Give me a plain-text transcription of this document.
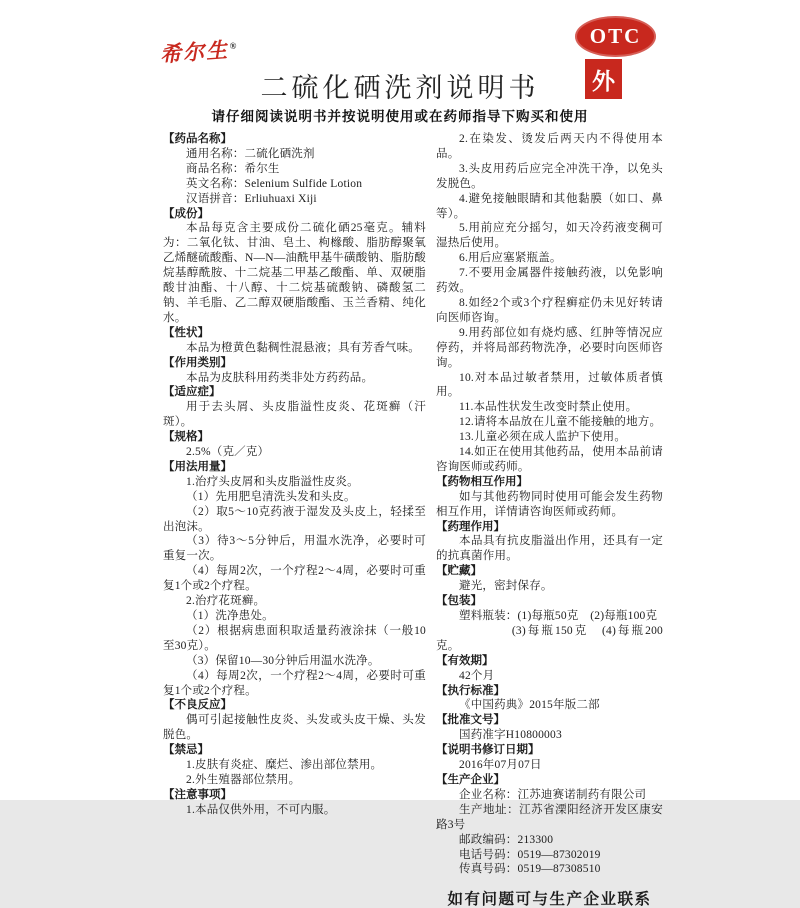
希尔生®
二硫化硒洗剂说明书
请仔细阅读说明书并按说明使用或在药师指导下购买和使用
OTC
外
【药品名称】
通用名称：二硫化硒洗剂
商品名称：希尔生
英文名称：Selenium Sulfide Lotion
汉语拼音：Erliuhuaxi Xiji
【成份】
本品每克含主要成份二硫化硒25毫克。辅料为：二氧化钛、甘油、皂土、枸橼酸、脂肪醇聚氧乙烯醚硫酸酯、N—N—油酰甲基牛磺酸钠、脂肪酸烷基醇酰胺、十二烷基二甲基乙酸酯、单、双硬脂酸甘油酯、十八醇、十二烷基硫酸钠、磷酸氢二钠、羊毛脂、乙二醇双硬脂酸酯、玉兰香精、纯化水。
【性状】
本品为橙黄色黏稠性混悬液；具有芳香气味。
【作用类别】
本品为皮肤科用药类非处方药药品。
【适应症】
用于去头屑、头皮脂溢性皮炎、花斑癣（汗斑）。
【规格】
2.5%（克／克）
【用法用量】
1.治疗头皮屑和头皮脂溢性皮炎。
（1）先用肥皂清洗头发和头皮。
（2）取5～10克药液于湿发及头皮上，轻揉至出泡沫。
（3）待3～5分钟后，用温水洗净，必要时可重复一次。
（4）每周2次，一个疗程2～4周，必要时可重复1个或2个疗程。
2.治疗花斑癣。
（1）洗净患处。
（2）根据病患面积取适量药液涂抹（一般10至30克）。
（3）保留10—30分钟后用温水洗净。
（4）每周2次，一个疗程2～4周，必要时可重复1个或2个疗程。
【不良反应】
偶可引起接触性皮炎、头发或头皮干燥、头发脱色。
【禁忌】
1.皮肤有炎症、糜烂、渗出部位禁用。
2.外生殖器部位禁用。
【注意事项】
1.本品仅供外用，不可内服。
2.在染发、烫发后两天内不得使用本品。
3.头皮用药后应完全冲洗干净，以免头发脱色。
4.避免接触眼睛和其他黏膜（如口、鼻等）。
5.用前应充分摇匀，如天冷药液变稠可湿热后使用。
6.用后应塞紧瓶盖。
7.不要用金属器件接触药液，以免影响药效。
8.如经2个或3个疗程癣症仍未见好转请向医师咨询。
9.用药部位如有烧灼感、红肿等情况应停药，并将局部药物洗净，必要时向医师咨询。
10.对本品过敏者禁用，过敏体质者慎用。
11.本品性状发生改变时禁止使用。
12.请将本品放在儿童不能接触的地方。
13.儿童必须在成人监护下使用。
14.如正在使用其他药品，使用本品前请咨询医师或药师。
【药物相互作用】
如与其他药物同时使用可能会发生药物相互作用，详情请咨询医师或药师。
【药理作用】
本品具有抗皮脂溢出作用，还具有一定的抗真菌作用。
【贮藏】
避光，密封保存。
【包装】
塑料瓶装：(1)每瓶50克　(2)每瓶100克
(3)每瓶150克　(4)每瓶200克。
【有效期】
42个月
【执行标准】
《中国药典》2015年版二部
【批准文号】
国药准字H10800003
【说明书修订日期】
2016年07月07日
【生产企业】
企业名称：江苏迪赛诺制药有限公司
生产地址：江苏省溧阳经济开发区康安路3号
邮政编码：213300
电话号码：0519—87302019
传真号码：0519—87308510
如有问题可与生产企业联系
